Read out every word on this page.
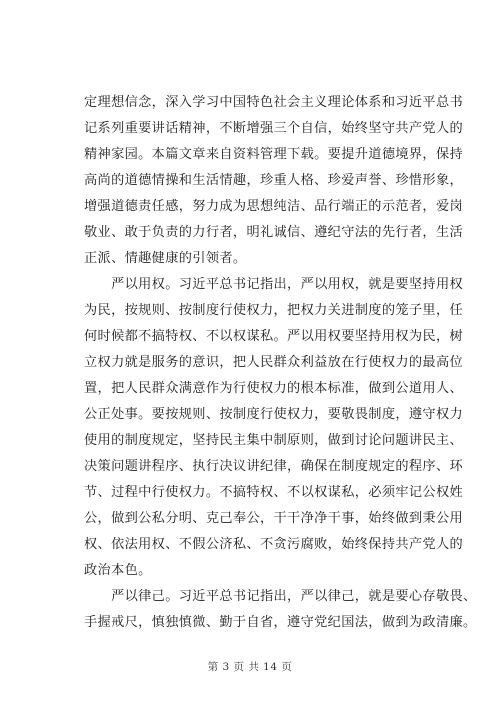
定理想信念，深入学习中国特色社会主义理论体系和习近平总书
记系列重要讲话精神，不断增强三个自信，始终坚守共产党人的
精神家园。本篇文章来自资料管理下载。要提升道德境界，保持
高尚的道德情操和生活情趣，珍重人格、珍爱声誉、珍惜形象，
增强道德责任感，努力成为思想纯洁、品行端正的示范者，爱岗
敬业、敢于负责的力行者，明礼诚信、遵纪守法的先行者，生活
正派、情趣健康的引领者。
　　严以用权。习近平总书记指出，严以用权，就是要坚持用权
为民，按规则、按制度行使权力，把权力关进制度的笼子里，任
何时候都不搞特权、不以权谋私。严以用权要坚持用权为民，树
立权力就是服务的意识，把人民群众利益放在行使权力的最高位
置，把人民群众满意作为行使权力的根本标准，做到公道用人、
公正处事。要按规则、按制度行使权力，要敬畏制度，遵守权力
使用的制度规定，坚持民主集中制原则，做到讨论问题讲民主、
决策问题讲程序、执行决议讲纪律，确保在制度规定的程序、环
节、过程中行使权力。不搞特权、不以权谋私，必须牢记公权姓
公，做到公私分明、克己奉公，干干净净干事，始终做到秉公用
权、依法用权、不假公济私、不贪污腐败，始终保持共产党人的
政治本色。
　　严以律己。习近平总书记指出，严以律己，就是要心存敬畏、
手握戒尺，慎独慎微、勤于自省，遵守党纪国法，做到为政清廉。
第 3 页 共 14 页
